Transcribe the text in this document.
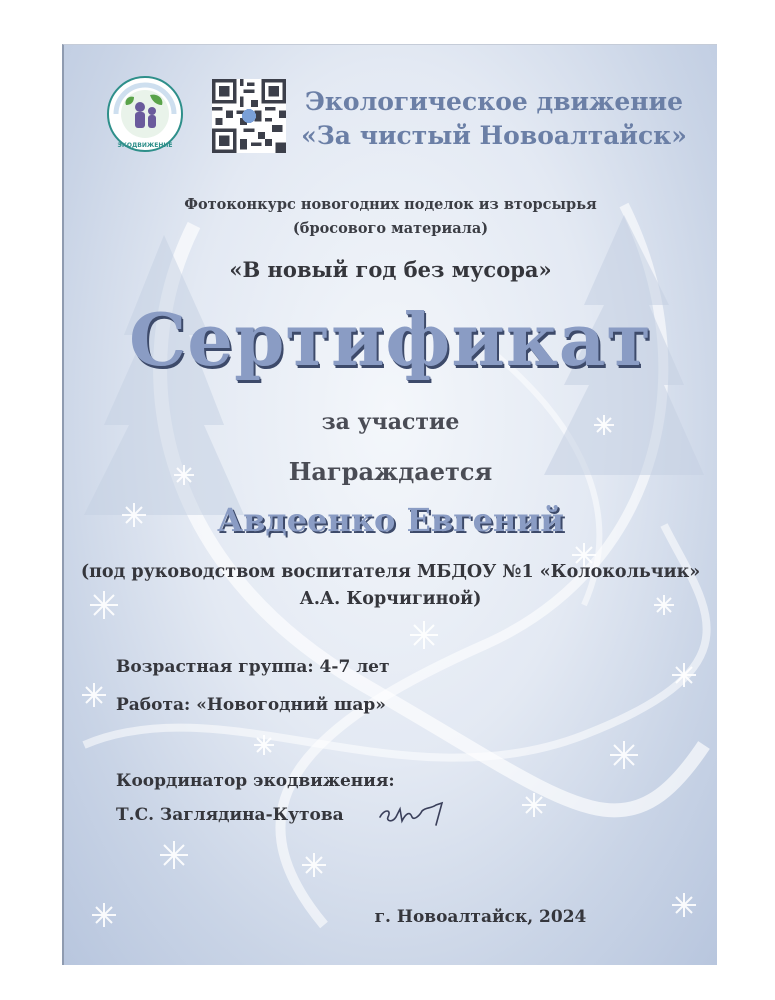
ЭКОДВИЖЕНИЕ
Экологическое движение
«За чистый Новоалтайск»
Фотоконкурс новогодних поделок из вторсырья (бросового материала)
«В новый год без мусора»
Сертификат
за участие
Награждается
Авдеенко Евгений
(под руководством воспитателя МБДОУ №1 «Колокольчик»
А.А. Корчигиной)
Возрастная группа: 4-7 лет
Работа: «Новогодний шар»
Координатор экодвижения:
Т.С. Заглядина-Кутова
г. Новоалтайск, 2024
